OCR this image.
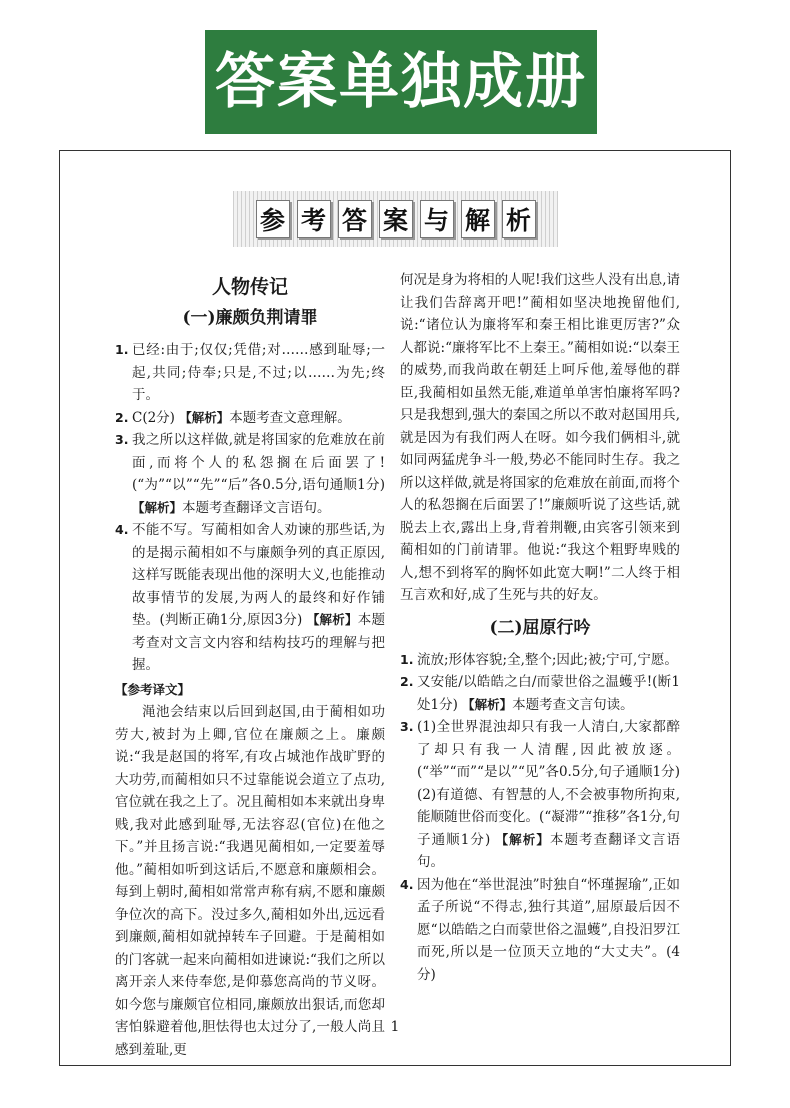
答案单独成册
参 考 答 案 与 解 析
人物传记
(一)廉颇负荆请罪
1. 已经:由于;仅仅;凭借;对……感到耻辱;一起,共同;侍奉;只是,不过;以……为先;终于。
2. C(2分) 【解析】本题考查文意理解。
3. 我之所以这样做,就是将国家的危难放在前面,而将个人的私怨搁在后面罢了!(“为”“以”“先”“后”各0.5分,语句通顺1分) 【解析】本题考查翻译文言语句。
4. 不能不写。写蔺相如舍人劝谏的那些话,为的是揭示蔺相如不与廉颇争列的真正原因,这样写既能表现出他的深明大义,也能推动故事情节的发展,为两人的最终和好作铺垫。(判断正确1分,原因3分) 【解析】本题考查对文言文内容和结构技巧的理解与把握。
【参考译文】

渑池会结束以后回到赵国,由于蔺相如功劳大,被封为上卿,官位在廉颇之上。廉颇说:“我是赵国的将军,有攻占城池作战旷野的大功劳,而蔺相如只不过靠能说会道立了点功,官位就在我之上了。况且蔺相如本来就出身卑贱,我对此感到耻辱,无法容忍(官位)在他之下。”并且扬言说:“我遇见蔺相如,一定要羞辱他。”蔺相如听到这话后,不愿意和廉颇相会。每到上朝时,蔺相如常常声称有病,不愿和廉颇争位次的高下。没过多久,蔺相如外出,远远看到廉颇,蔺相如就掉转车子回避。于是蔺相如的门客就一起来向蔺相如进谏说:“我们之所以离开亲人来侍奉您,是仰慕您高尚的节义呀。如今您与廉颇官位相同,廉颇放出狠话,而您却害怕躲避着他,胆怯得也太过分了,一般人尚且感到羞耻,更

何况是身为将相的人呢!我们这些人没有出息,请让我们告辞离开吧!”蔺相如坚决地挽留他们,说:“诸位认为廉将军和秦王相比谁更厉害?”众人都说:“廉将军比不上秦王。”蔺相如说:“以秦王的威势,而我尚敢在朝廷上呵斥他,羞辱他的群臣,我蔺相如虽然无能,难道单单害怕廉将军吗?只是我想到,强大的秦国之所以不敢对赵国用兵,就是因为有我们两人在呀。如今我们俩相斗,就如同两猛虎争斗一般,势必不能同时生存。我之所以这样做,就是将国家的危难放在前面,而将个人的私怨搁在后面罢了!”廉颇听说了这些话,就脱去上衣,露出上身,背着荆鞭,由宾客引领来到蔺相如的门前请罪。他说:“我这个粗野卑贱的人,想不到将军的胸怀如此宽大啊!”二人终于相互言欢和好,成了生死与共的好友。

(二)屈原行吟
1. 流放;形体容貌;全,整个;因此;被;宁可,宁愿。
2. 又安能/以皓皓之白/而蒙世俗之温蠖乎!(断1处1分) 【解析】本题考查文言句读。
3. (1)全世界混浊却只有我一人清白,大家都醉了却只有我一人清醒,因此被放逐。(“举”“而”“是以”“见”各0.5分,句子通顺1分) (2)有道德、有智慧的人,不会被事物所拘束,能顺随世俗而变化。(“凝滞”“推移”各1分,句子通顺1分) 【解析】本题考查翻译文言语句。
4. 因为他在“举世混浊”时独自“怀瑾握瑜”,正如孟子所说“不得志,独行其道”,屈原最后因不愿“以皓皓之白而蒙世俗之温蠖”,自投汨罗江而死,所以是一位顶天立地的“大丈夫”。(4分)
1
